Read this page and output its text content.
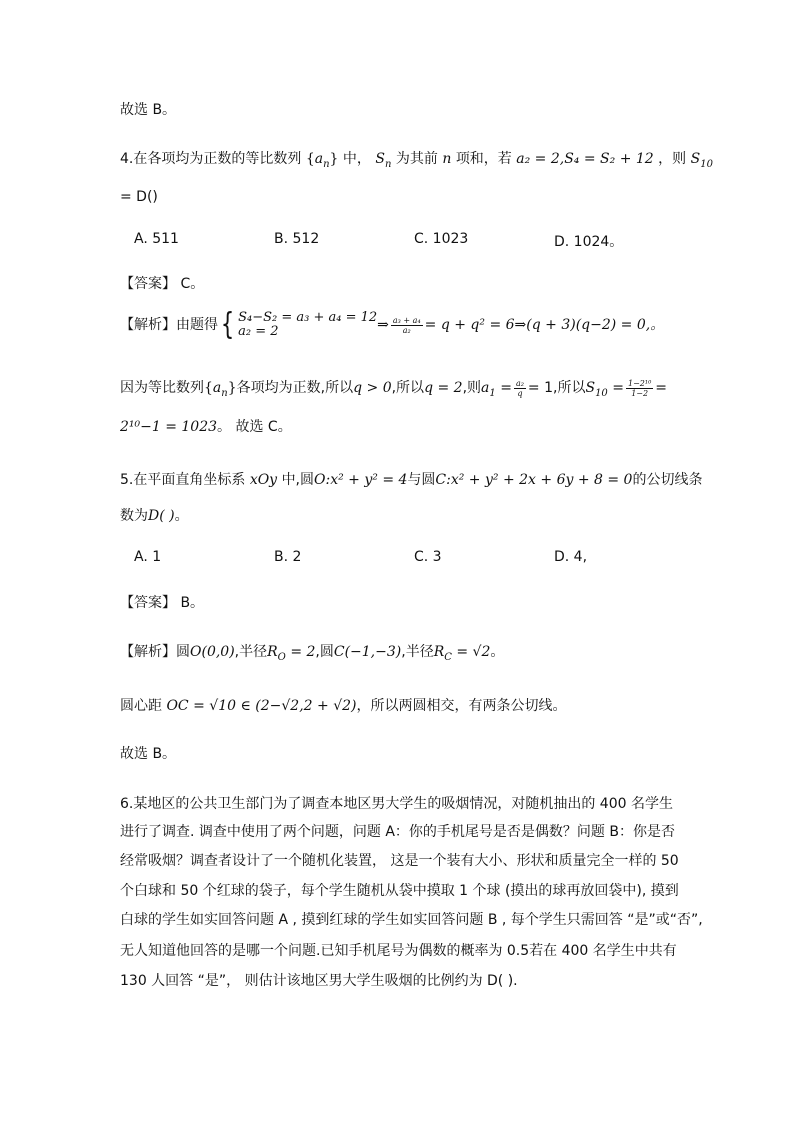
故选 B。
4.在各项均为正数的等比数列 $\{a_n\}$ 中， $S_n$ 为其前 n 项和，若 a₂ = 2,S₄ = S₂ + 12 ，则 $S_{10}$
= D()
A. 511	B. 512	C. 1023	D. 1024。
【答案】 C。
【解析】由题得{ S₄−S₂ = a₃ + a₄ = 12
a₂ = 2	⇒ $\frac{\text{a₃ + a₄}}{\text{a₂}} = q + q^2$ = 6⇒(q + 3)(q−2) = 0,。
因为等比数列$\{a_n\}$各项均为正数,所以q > 0,所以q = 2,则$a_1 = \frac{\text{a₂}}{q} = 1$,所以$S_{10} = \frac{\text{1−2¹⁰}}{1-2}$ =
2¹⁰−1 = 1023。 故选 C。
5.在平面直角坐标系 xOy 中,圆O:x² + y² = 4与圆C:x² + y² + 2x + 6y + 8 = 0的公切线条
数为D( )。
A. 1	B. 2	C. 3	D. 4,
【答案】 B。
【解析】圆O(0,0),半径$R_O = 2$,圆C(−1,−3),半径$R_C = √2$。
圆心距 OC = √10 ∈ (2−√2,2 + √2)，所以两圆相交，有两条公切线。
故选 B。
6.某地区的公共卫生部门为了调查本地区男大学生的吸烟情况，对随机抽出的 400 名学生
进行了调查. 调查中使用了两个问题，问题 A：你的手机尾号是否是偶数？问题 B：你是否
经常吸烟？调查者设计了一个随机化装置， 这是一个装有大小、形状和质量完全一样的 50
个白球和 50 个红球的袋子，每个学生随机从袋中摸取 1 个球 (摸出的球再放回袋中), 摸到
白球的学生如实回答问题 A , 摸到红球的学生如实回答问题 B , 每个学生只需回答 “是”或“否”,
无人知道他回答的是哪一个问题.已知手机尾号为偶数的概率为 0.5若在 400 名学生中共有
130 人回答 “是”， 则估计该地区男大学生吸烟的比例约为 D( ).
